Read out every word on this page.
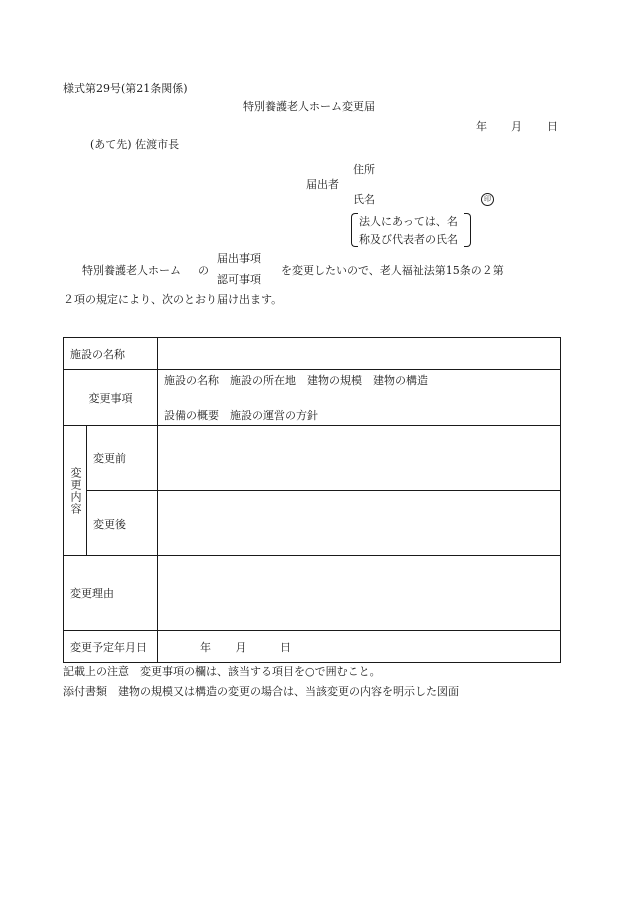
様式第29号(第21条関係)
特別養護老人ホーム変更届
年 月 日
(あて先) 佐渡市長
住所
届出者
氏名	印
法人にあっては、名
称及び代表者の氏名
特別養護老人ホーム の
届出事項
認可事項
を変更したいので、老人福祉法第15条の２第
２項の規定により、次のとおり届け出ます。
施設の名称		
変更事項		施設の名称　施設の所在地　建物の規模　建物の構造
設備の概要　施設の運営の方針

変更内容	変更前	
	変更後	
変更理由		
変更予定年月日		年 月 日
記載上の注意　変更事項の欄は、該当する項目を○で囲むこと。
添付書類　建物の規模又は構造の変更の場合は、当該変更の内容を明示した図面
